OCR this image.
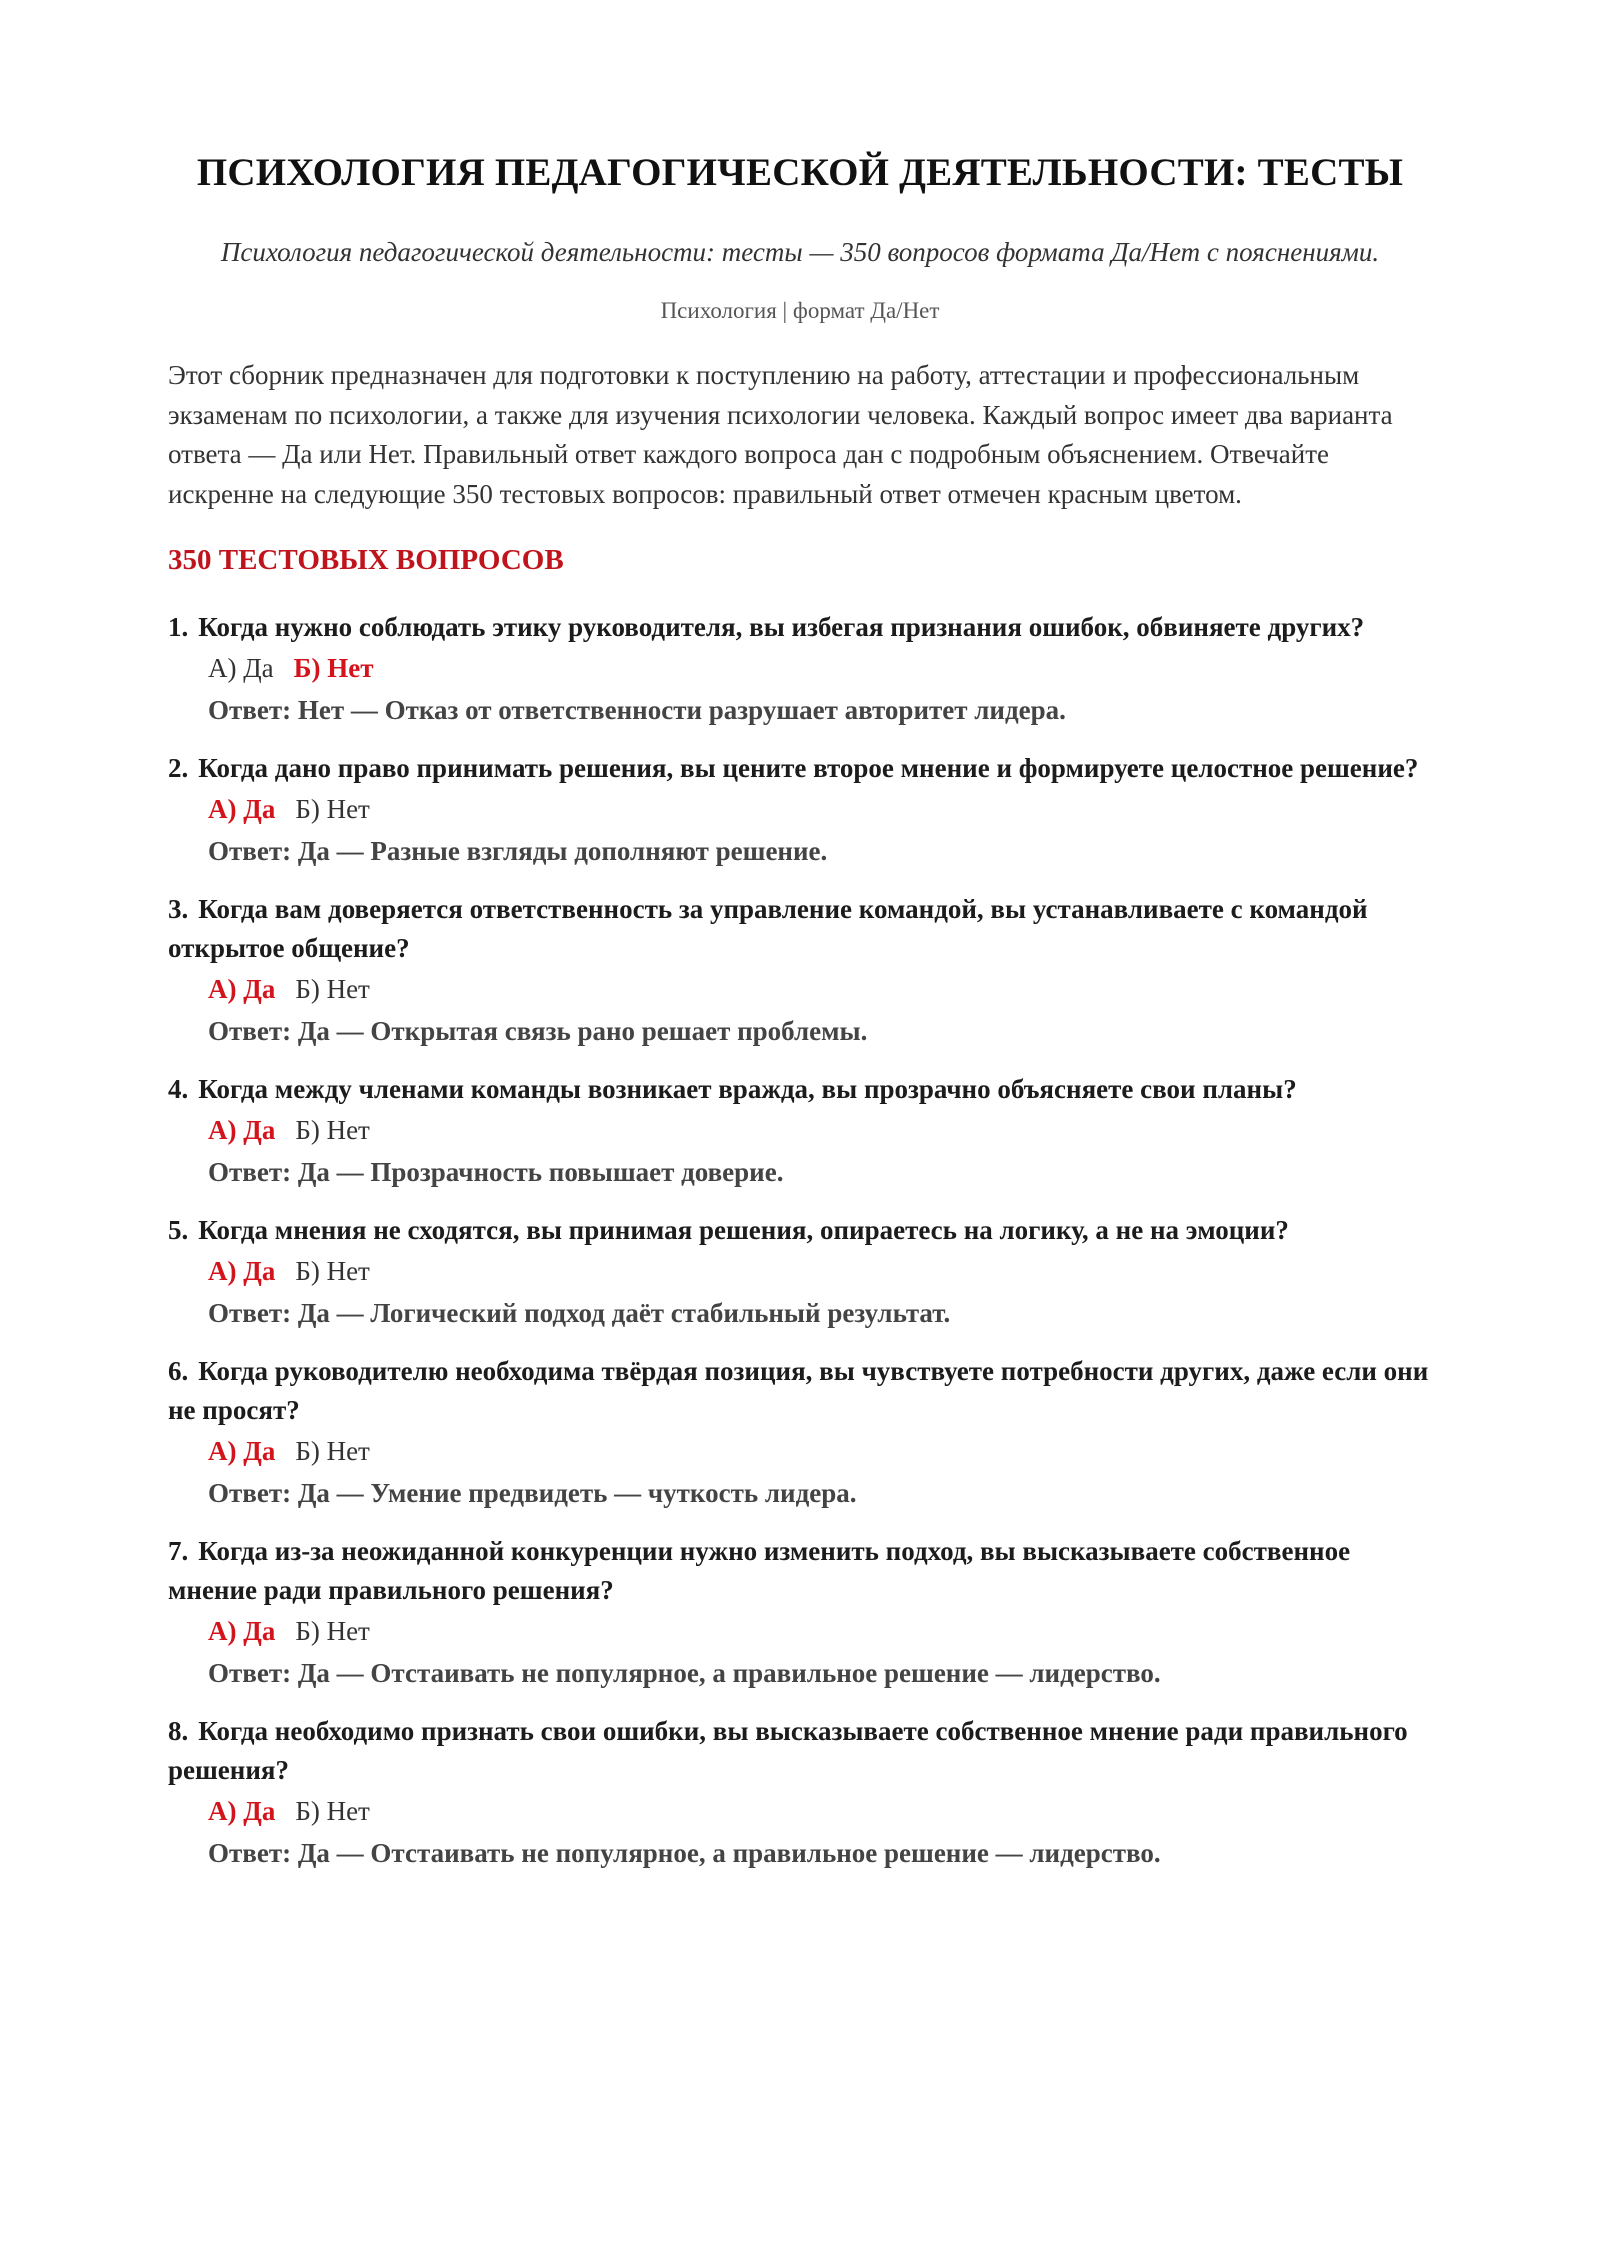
ПСИХОЛОГИЯ ПЕДАГОГИЧЕСКОЙ ДЕЯТЕЛЬНОСТИ: ТЕСТЫ
Психология педагогической деятельности: тесты — 350 вопросов формата Да/Нет с пояснениями.
Психология | формат Да/Нет
Этот сборник предназначен для подготовки к поступлению на работу, аттестации и профессиональным экзаменам по психологии, а также для изучения психологии человека. Каждый вопрос имеет два варианта ответа — Да или Нет. Правильный ответ каждого вопроса дан с подробным объяснением. Отвечайте искренне на следующие 350 тестовых вопросов: правильный ответ отмечен красным цветом.
350 ТЕСТОВЫХ ВОПРОСОВ
1. Когда нужно соблюдать этику руководителя, вы избегая признания ошибок, обвиняете других?
А) Да Б) Нет
Ответ: Нет — Отказ от ответственности разрушает авторитет лидера.
2. Когда дано право принимать решения, вы цените второе мнение и формируете целостное решение?
А) Да Б) Нет
Ответ: Да — Разные взгляды дополняют решение.
3. Когда вам доверяется ответственность за управление командой, вы устанавливаете с командой открытое общение?
А) Да Б) Нет
Ответ: Да — Открытая связь рано решает проблемы.
4. Когда между членами команды возникает вражда, вы прозрачно объясняете свои планы?
А) Да Б) Нет
Ответ: Да — Прозрачность повышает доверие.
5. Когда мнения не сходятся, вы принимая решения, опираетесь на логику, а не на эмоции?
А) Да Б) Нет
Ответ: Да — Логический подход даёт стабильный результат.
6. Когда руководителю необходима твёрдая позиция, вы чувствуете потребности других, даже если они не просят?
А) Да Б) Нет
Ответ: Да — Умение предвидеть — чуткость лидера.
7. Когда из-за неожиданной конкуренции нужно изменить подход, вы высказываете собственное мнение ради правильного решения?
А) Да Б) Нет
Ответ: Да — Отстаивать не популярное, а правильное решение — лидерство.
8. Когда необходимо признать свои ошибки, вы высказываете собственное мнение ради правильного решения?
А) Да Б) Нет
Ответ: Да — Отстаивать не популярное, а правильное решение — лидерство.
